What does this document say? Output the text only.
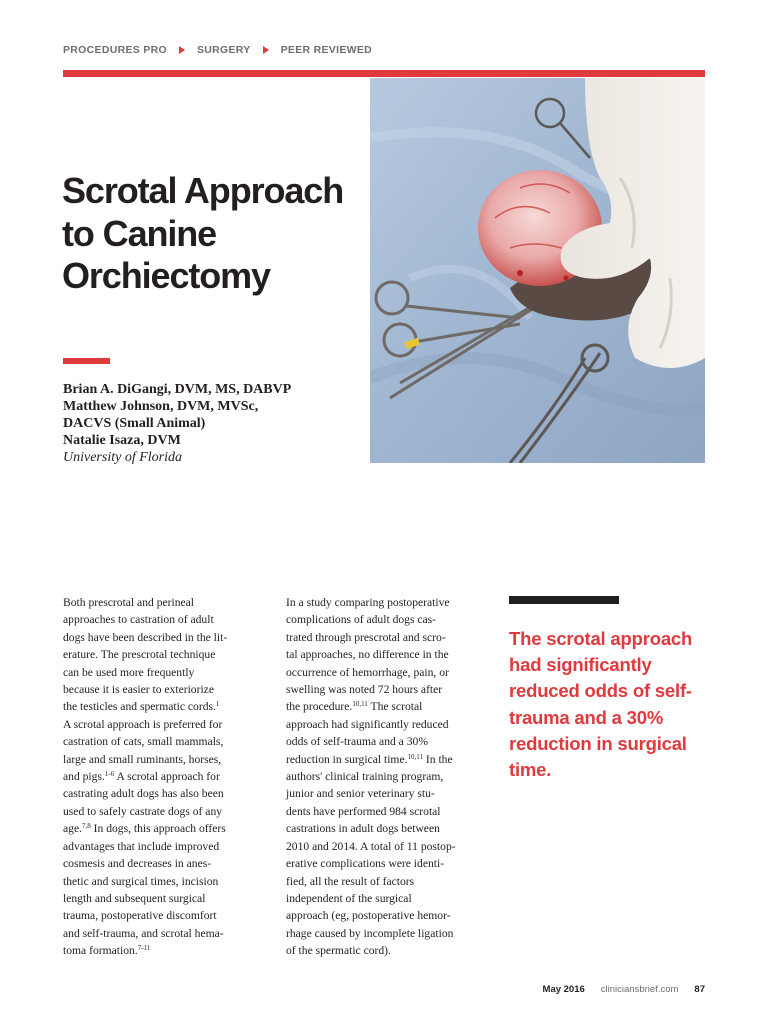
PROCEDURES PRO	SURGERY	PEER REVIEWED
Scrotal Approach to Canine Orchiectomy
Brian A. DiGangi, DVM, MS, DABVP
Matthew Johnson, DVM, MVSc,
DACVS (Small Animal)
Natalie Isaza, DVM
University of Florida
Both prescrotal and perineal
approaches to castration of adult
dogs have been described in the lit-
erature. The prescrotal technique
can be used more frequently
because it is easier to exteriorize
the testicles and spermatic cords.$^1$
A scrotal approach is preferred for
castration of cats, small mammals,
large and small ruminants, horses,
and pigs.$^{1-6}$ A scrotal approach for
castrating adult dogs has also been
used to safely castrate dogs of any
age.$^{7,8}$ In dogs, this approach offers
advantages that include improved
cosmesis and decreases in anes-
thetic and surgical times, incision
length and subsequent surgical
trauma, postoperative discomfort
and self-trauma, and scrotal hema-
toma formation.$^{7-11}$
In a study comparing postoperative
complications of adult dogs cas-
trated through prescrotal and scro-
tal approaches, no difference in the
occurrence of hemorrhage, pain, or
swelling was noted 72 hours after
the procedure.$^{10,11}$ The scrotal
approach had significantly reduced
odds of self-trauma and a 30%
reduction in surgical time.$^{10,11}$ In the
authors' clinical training program,
junior and senior veterinary stu-
dents have performed 984 scrotal
castrations in adult dogs between
2010 and 2014. A total of 11 postop-
erative complications were identi-
fied, all the result of factors
independent of the surgical
approach (eg, postoperative hemor-
rhage caused by incomplete ligation
of the spermatic cord).
The scrotal approach had significantly reduced odds of self-trauma and a 30% reduction in surgical time.
May 2016 cliniciansbrief.com 87
